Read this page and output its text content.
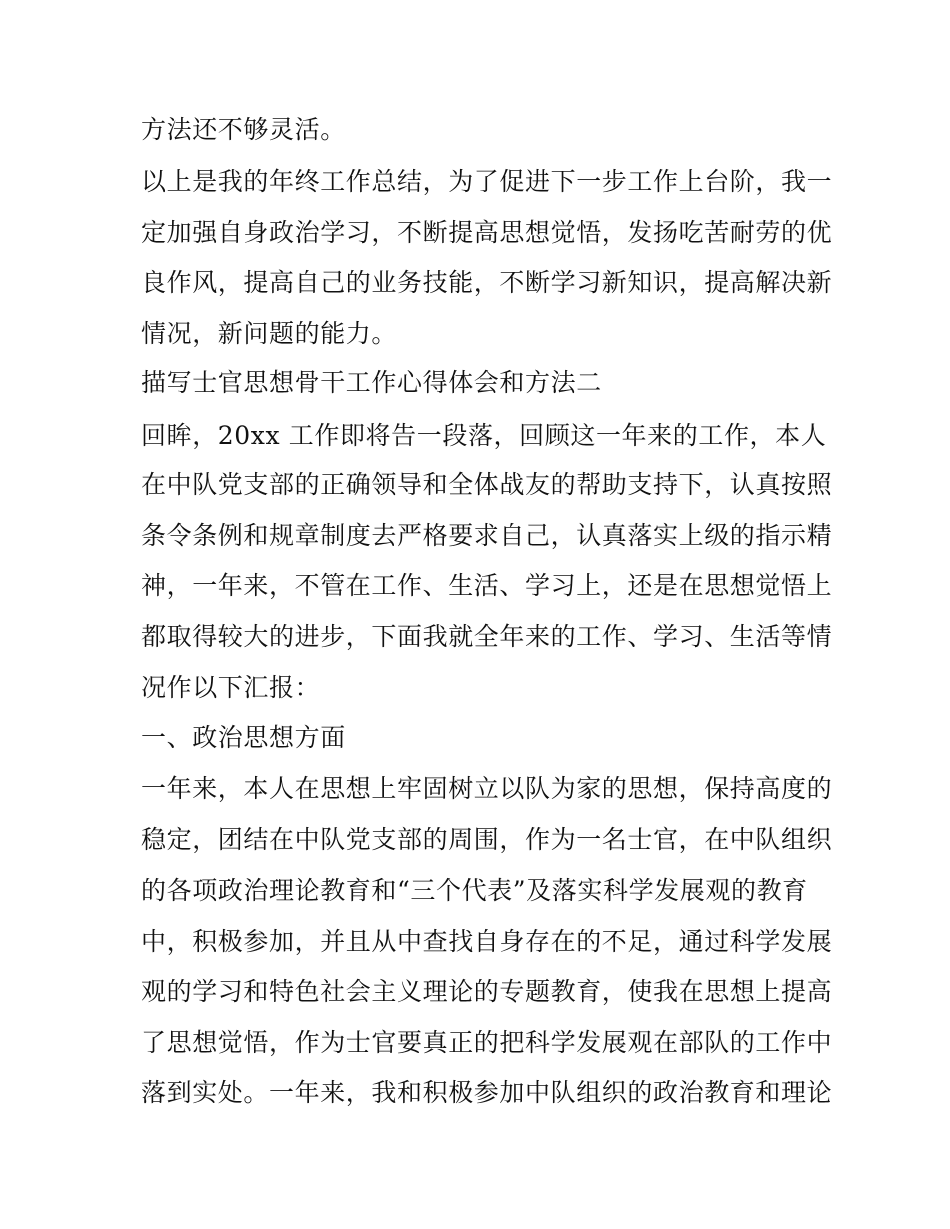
方法还不够灵活。
以上是我的年终工作总结，为了促进下一步工作上台阶，我一
定加强自身政治学习，不断提高思想觉悟，发扬吃苦耐劳的优
良作风，提高自己的业务技能，不断学习新知识，提高解决新
情况，新问题的能力。
描写士官思想骨干工作心得体会和方法二
回眸，20xx 工作即将告一段落，回顾这一年来的工作，本人
在中队党支部的正确领导和全体战友的帮助支持下，认真按照
条令条例和规章制度去严格要求自己，认真落实上级的指示精
神，一年来，不管在工作、生活、学习上，还是在思想觉悟上
都取得较大的进步，下面我就全年来的工作、学习、生活等情
况作以下汇报：
一、政治思想方面
一年来，本人在思想上牢固树立以队为家的思想，保持高度的
稳定，团结在中队党支部的周围，作为一名士官，在中队组织
的各项政治理论教育和“三个代表”及落实科学发展观的教育
中，积极参加，并且从中查找自身存在的不足，通过科学发展
观的学习和特色社会主义理论的专题教育，使我在思想上提高
了思想觉悟，作为士官要真正的把科学发展观在部队的工作中
落到实处。一年来，我和积极参加中队组织的政治教育和理论
